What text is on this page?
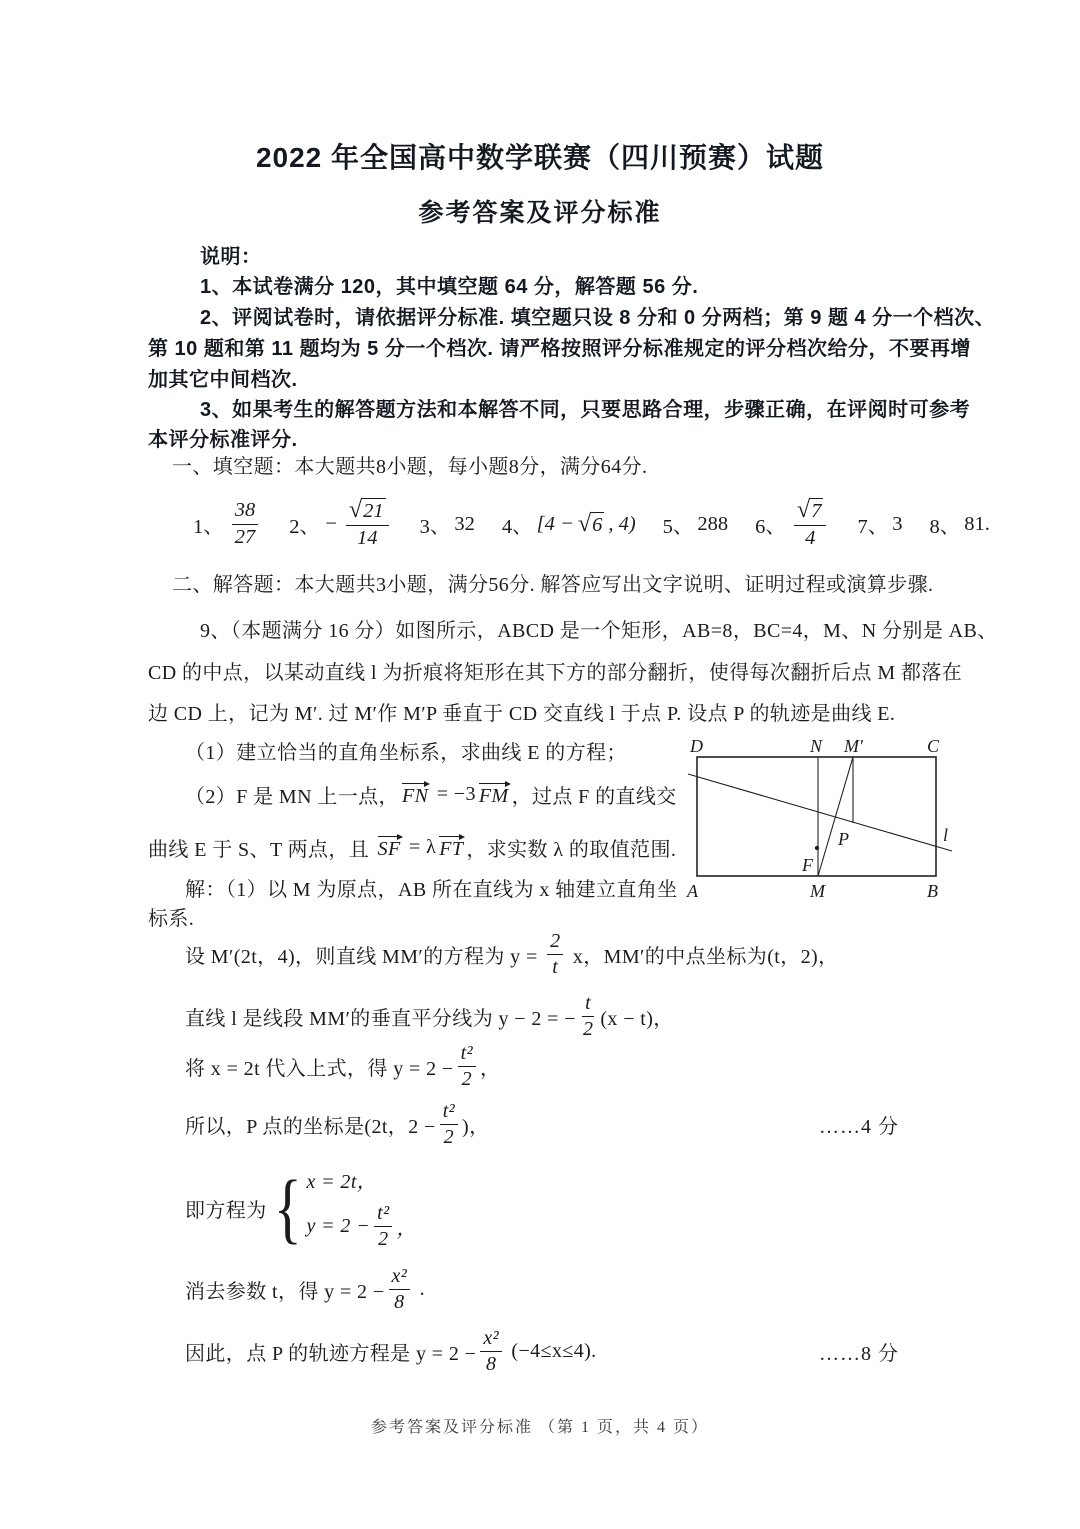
2022 年全国高中数学联赛（四川预赛）试题
参考答案及评分标准
说明：
1、本试卷满分 120，其中填空题 64 分，解答题 56 分.
2、评阅试卷时，请依据评分标准. 填空题只设 8 分和 0 分两档；第 9 题 4 分一个档次、
第 10 题和第 11 题均为 5 分一个档次. 请严格按照评分标准规定的评分档次给分，不要再增
加其它中间档次.
3、如果考生的解答题方法和本解答不同，只要思路合理，步骤正确，在评阅时可参考
本评分标准评分.
一、填空题：本大题共8小题，每小题8分，满分64分.
1、 $\frac{38}{27} 2$、 − $\frac{√ 21}{14} 3$、 32 4、 [4 − √ 6 , 4) 5、 288 6、 $\frac{√ 7}{4} 7$、 3 8、 81.
二、解答题：本大题共3小题，满分56分. 解答应写出文字说明、证明过程或演算步骤.
9、（本题满分 16 分）如图所示，ABCD 是一个矩形，AB=8，BC=4，M、N 分别是 AB、
CD 的中点，以某动直线 l 为折痕将矩形在其下方的部分翻折，使得每次翻折后点 M 都落在
边 CD 上，记为 M′. 过 M′作 M′P 垂直于 CD 交直线 l 于点 P. 设点 P 的轨迹是曲线 E.
（1）建立恰当的直角坐标系，求曲线 E 的方程；
（2）F 是 MN 上一点， FN = −3 FM ，过点 F 的直线交
曲线 E 于 S、T 两点，且 SF = λ FT ，求实数 λ 的取值范围.
D	N M′	C
A	M	B
P
F
l
解：（1）以 M 为原点，AB 所在直线为 x 轴建立直角坐
标系.
设 M′(2t，4)，则直线 MM′的方程为 $y = \frac{2}{t}$ x，MM′的中点坐标为(t，2)，
直线 l 是线段 MM′的垂直平分线为 y − 2 = − $\frac{t}{2} (x - t)$，
将 x = 2t 代入上式，得 $y = 2 - \frac{\text{t²}}{2}$ ，
所以，P 点的坐标是(2t，$2 - \frac{\text{t²}}{2}$ )，	……4 分
即方程为 { x = 2t，
$y = 2 - \frac{\text{t²}}{2}$ ，
消去参数 t，得 $y = 2 - \frac{\text{x²}}{8}$ .
因此，点 P 的轨迹方程是 $y = 2 - \frac{\text{x²}}{8} (-4\le x\le 4)$.	……8 分
参考答案及评分标准 （第 1 页，共 4 页）
